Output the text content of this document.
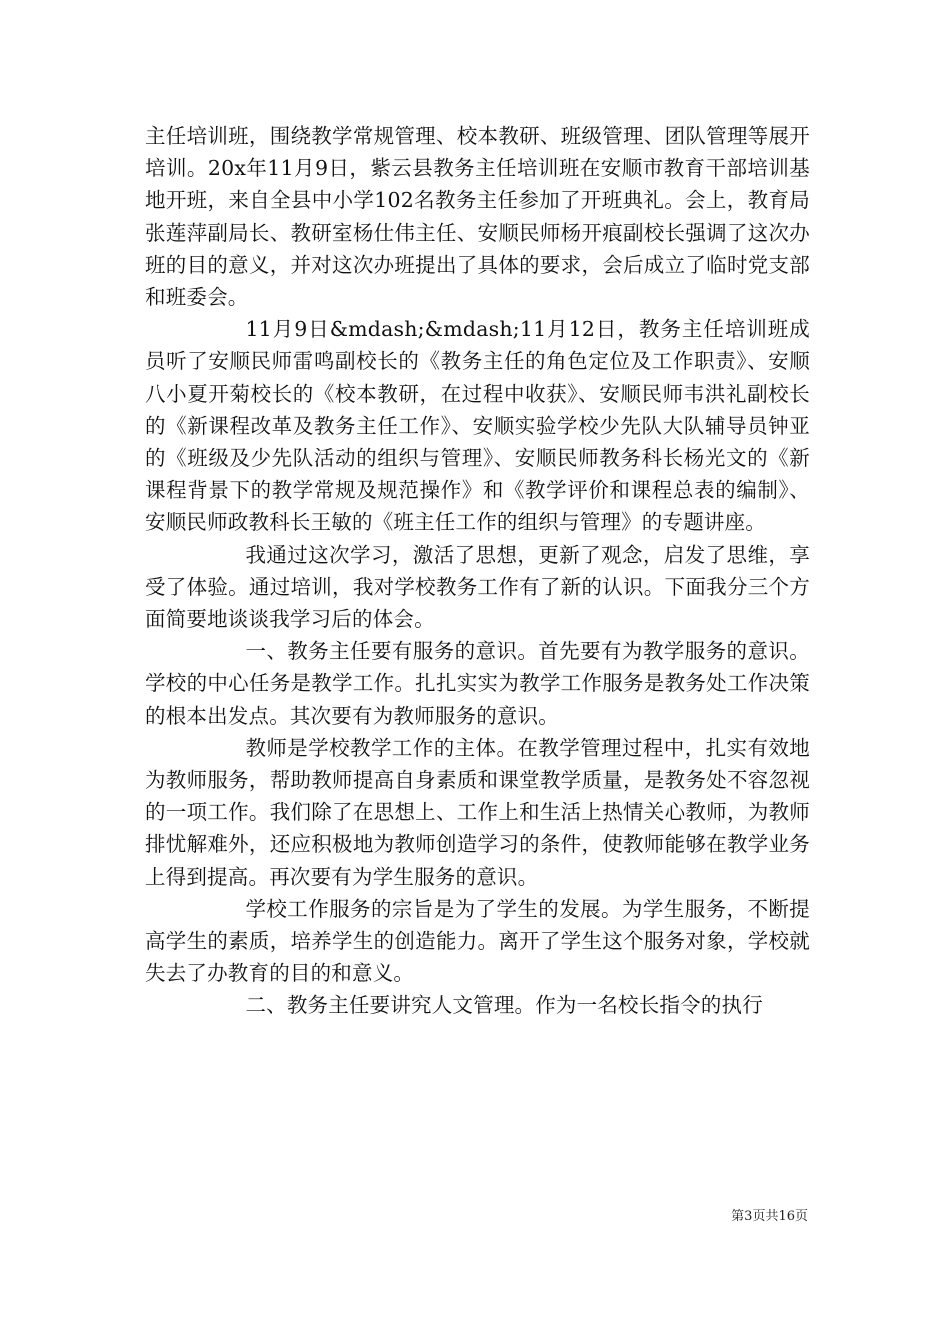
主任培训班，围绕教学常规管理、校本教研、班级管理、团队管理等展开培训。20x年11月9日，紫云县教务主任培训班在安顺市教育干部培训基地开班，来自全县中小学102名教务主任参加了开班典礼。会上，教育局张莲萍副局长、教研室杨仕伟主任、安顺民师杨开痕副校长强调了这次办班的目的意义，并对这次办班提出了具体的要求，会后成立了临时党支部和班委会。

11月9日&mdash;&mdash;11月12日，教务主任培训班成员听了安顺民师雷鸣副校长的《教务主任的角色定位及工作职责》、安顺八小夏开菊校长的《校本教研，在过程中收获》、安顺民师韦洪礼副校长的《新课程改革及教务主任工作》、安顺实验学校少先队大队辅导员钟亚的《班级及少先队活动的组织与管理》、安顺民师教务科长杨光文的《新课程背景下的教学常规及规范操作》和《教学评价和课程总表的编制》、安顺民师政教科长王敏的《班主任工作的组织与管理》的专题讲座。

我通过这次学习，激活了思想，更新了观念，启发了思维，享受了体验。通过培训，我对学校教务工作有了新的认识。下面我分三个方面简要地谈谈我学习后的体会。

一、教务主任要有服务的意识。首先要有为教学服务的意识。学校的中心任务是教学工作。扎扎实实为教学工作服务是教务处工作决策的根本出发点。其次要有为教师服务的意识。

教师是学校教学工作的主体。在教学管理过程中，扎实有效地为教师服务，帮助教师提高自身素质和课堂教学质量，是教务处不容忽视的一项工作。我们除了在思想上、工作上和生活上热情关心教师，为教师排忧解难外，还应积极地为教师创造学习的条件，使教师能够在教学业务上得到提高。再次要有为学生服务的意识。

学校工作服务的宗旨是为了学生的发展。为学生服务，不断提高学生的素质，培养学生的创造能力。离开了学生这个服务对象，学校就失去了办教育的目的和意义。

二、教务主任要讲究人文管理。作为一名校长指令的执行

第3页共16页
